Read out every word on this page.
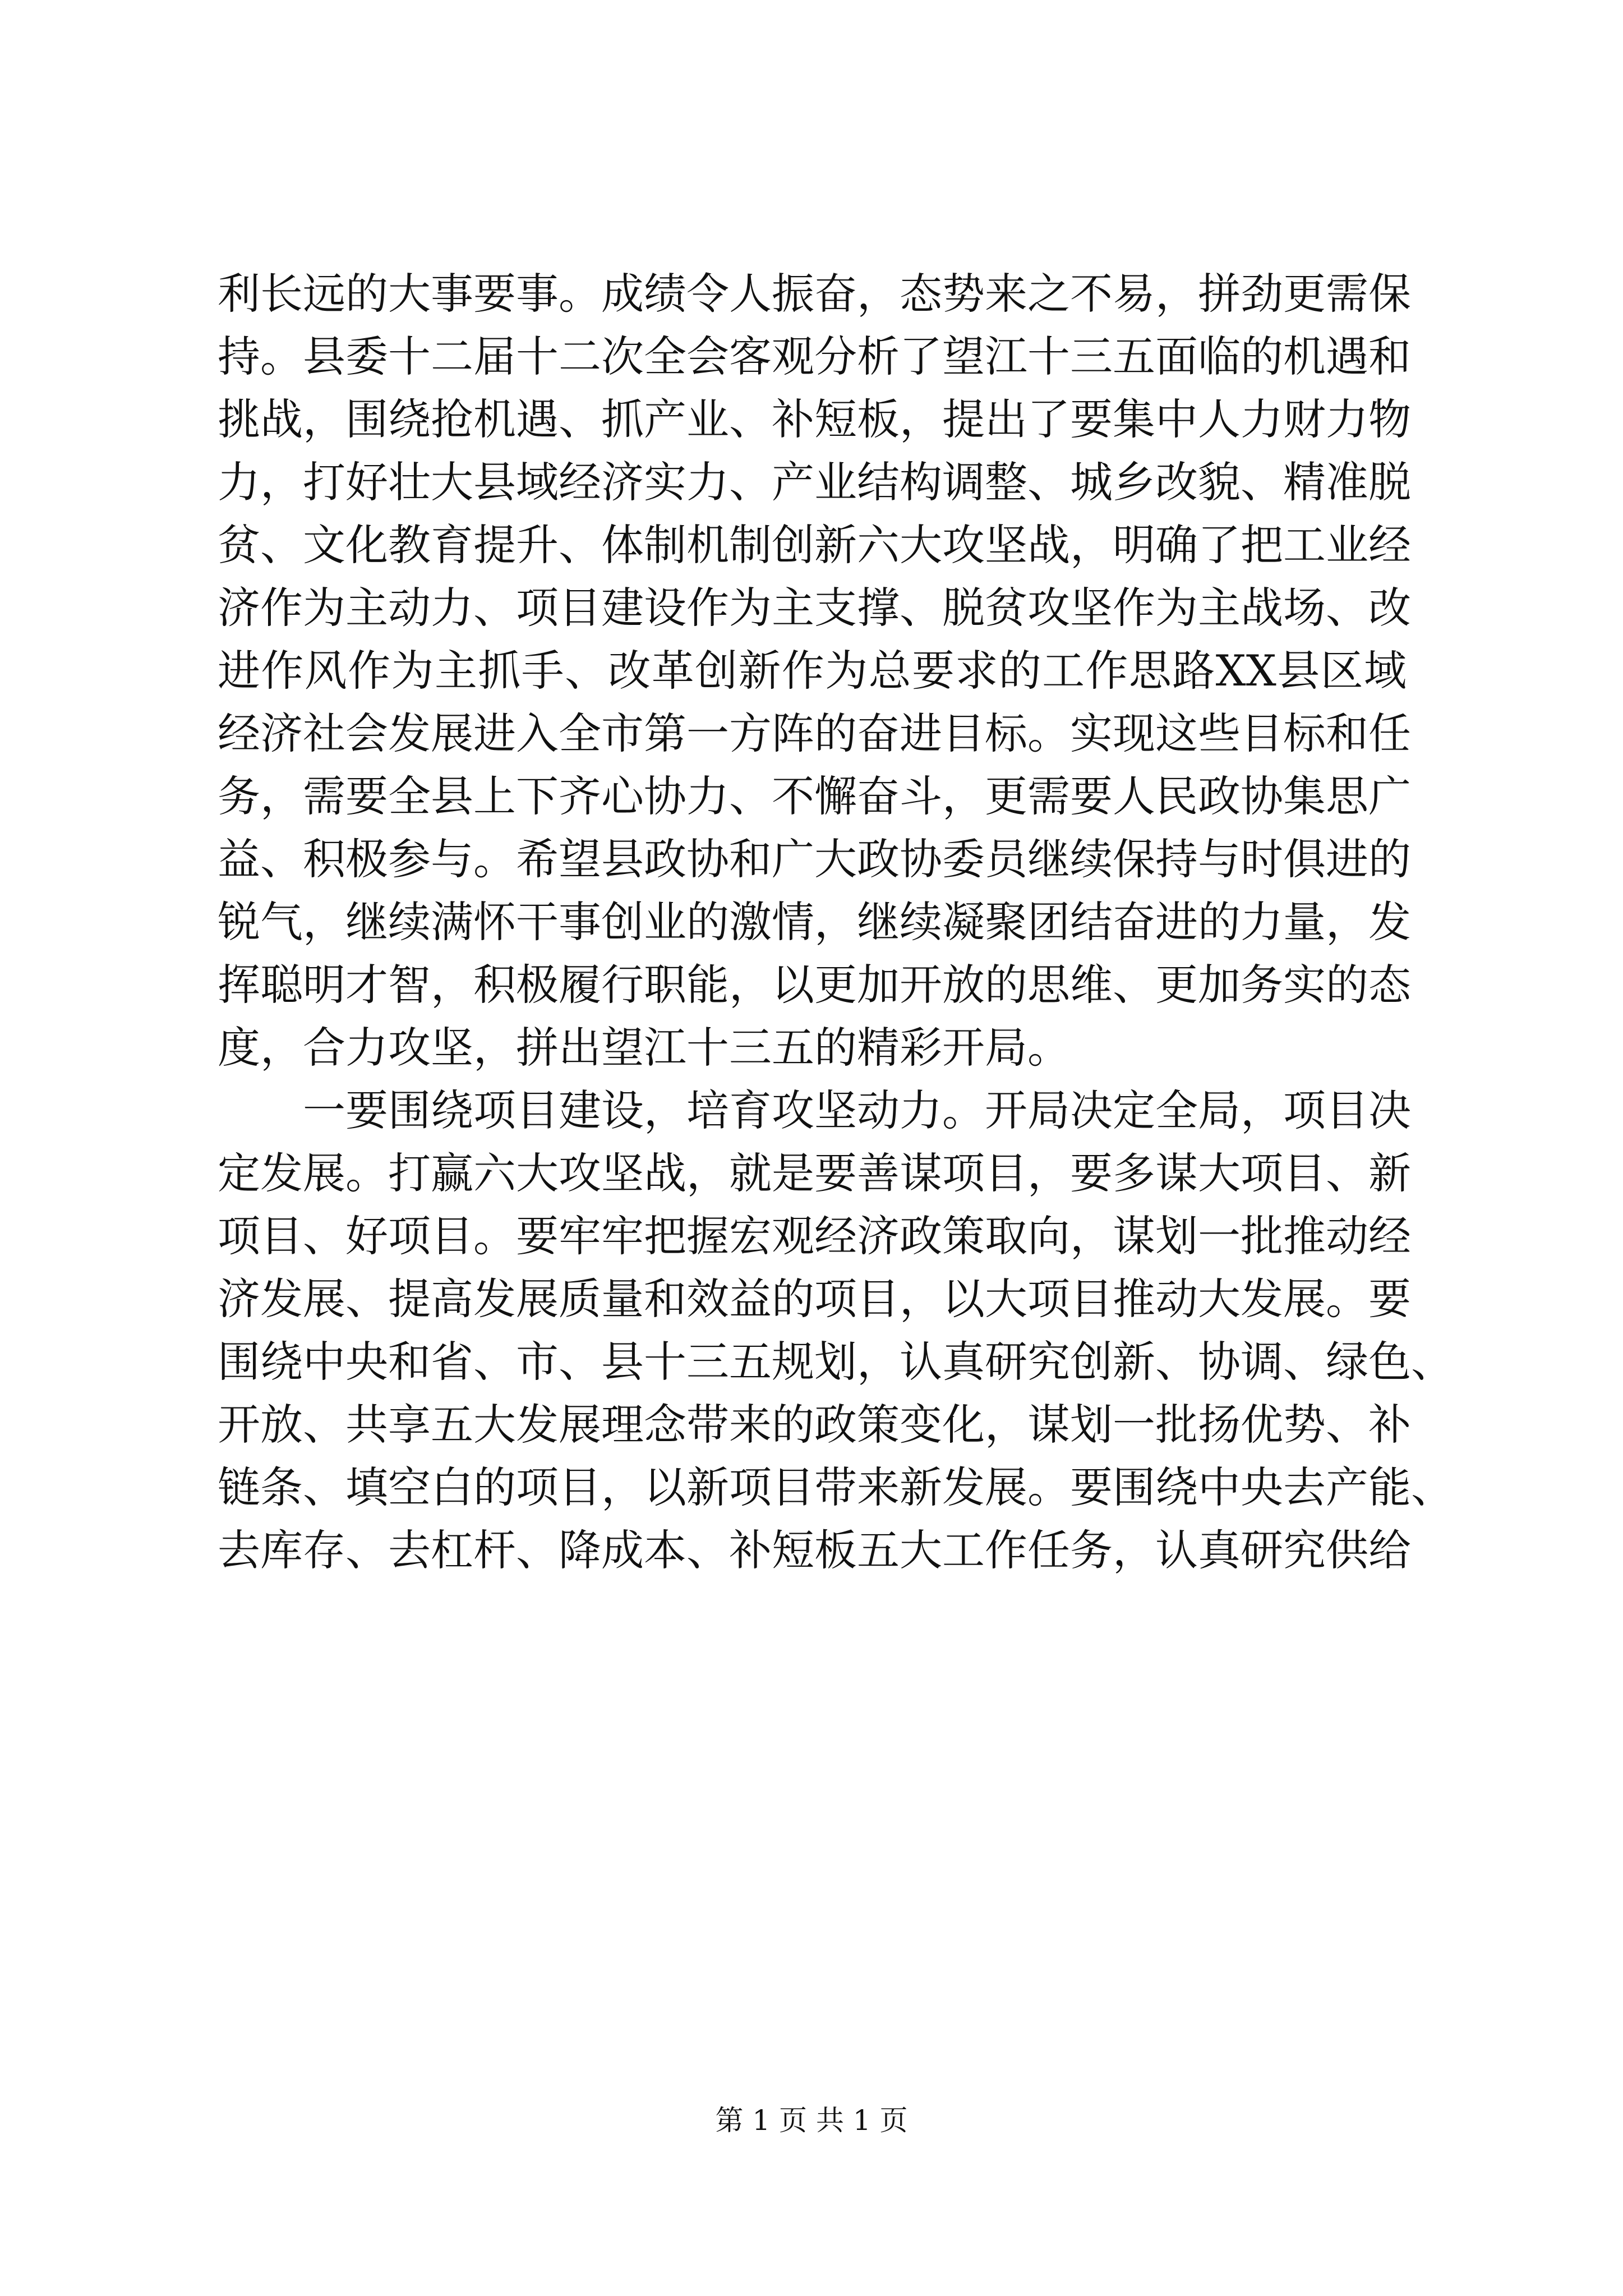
利长远的大事要事。成绩令人振奋，态势来之不易，拼劲更需保
持。县委十二届十二次全会客观分析了望江十三五面临的机遇和
挑战，围绕抢机遇、抓产业、补短板，提出了要集中人力财力物
力，打好壮大县域经济实力、产业结构调整、城乡改貌、精准脱
贫、文化教育提升、体制机制创新六大攻坚战，明确了把工业经
济作为主动力、项目建设作为主支撑、脱贫攻坚作为主战场、改
进作风作为主抓手、改革创新作为总要求的工作思路XX县区域
经济社会发展进入全市第一方阵的奋进目标。实现这些目标和任
务，需要全县上下齐心协力、不懈奋斗，更需要人民政协集思广
益、积极参与。希望县政协和广大政协委员继续保持与时俱进的
锐气，继续满怀干事创业的激情，继续凝聚团结奋进的力量，发
挥聪明才智，积极履行职能，以更加开放的思维、更加务实的态
度，合力攻坚，拼出望江十三五的精彩开局。
一要围绕项目建设，培育攻坚动力。开局决定全局，项目决
定发展。打赢六大攻坚战，就是要善谋项目，要多谋大项目、新
项目、好项目。要牢牢把握宏观经济政策取向，谋划一批推动经
济发展、提高发展质量和效益的项目，以大项目推动大发展。要
围绕中央和省、市、县十三五规划，认真研究创新、协调、绿色、
开放、共享五大发展理念带来的政策变化，谋划一批扬优势、补
链条、填空白的项目，以新项目带来新发展。要围绕中央去产能、
去库存、去杠杆、降成本、补短板五大工作任务，认真研究供给
第 1 页 共 1 页
